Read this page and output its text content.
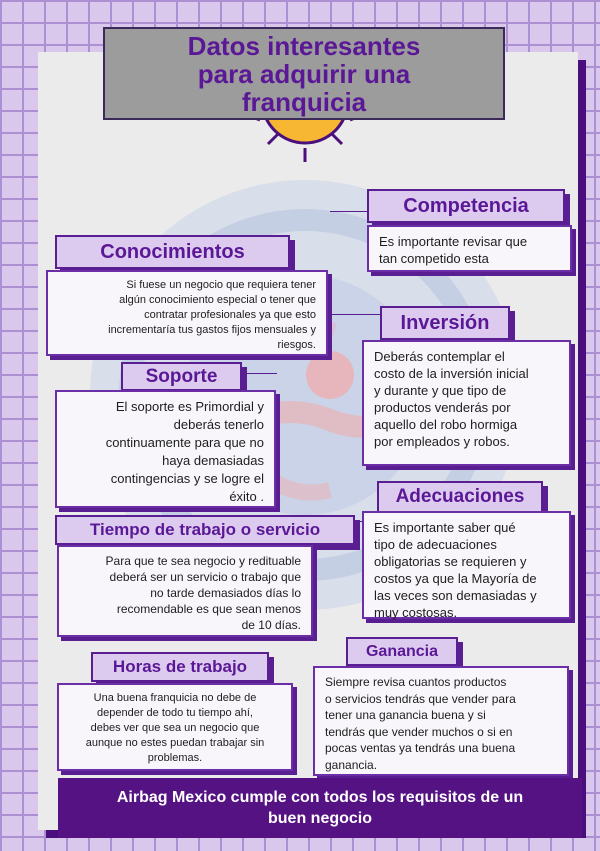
Datos interesantes
para adquirir una
franquicia
Competencia
Es importante revisar que
tan competido esta
Conocimientos
Si fuese un negocio que requiera tener
algún conocimiento especial o tener que
contratar profesionales ya que esto
incrementaría tus gastos fijos mensuales y
riesgos.
Inversión
Deberás contemplar el
costo de la inversión inicial
y durante y que tipo de
productos venderás por
aquello del robo hormiga
por empleados y robos.
Soporte
El soporte es Primordial y
deberás tenerlo
continuamente para que no
haya demasiadas
contingencias y se logre el
éxito .	Adecuaciones
Es importante saber qué
tipo de adecuaciones
obligatorias se requieren y
costos ya que la Mayoría de
las veces son demasiadas y
muy costosas.
Tiempo de trabajo o servicio
Para que te sea negocio y redituable
deberá ser un servicio o trabajo que
no tarde demasiados días lo
recomendable es que sean menos
de 10 días.
Ganancia
Siempre revisa cuantos productos
o servicios tendrás que vender para
tener una ganancia buena y si
tendrás que vender muchos o si en
pocas ventas ya tendrás una buena
ganancia.
Horas de trabajo
Una buena franquicia no debe de
depender de todo tu tiempo ahí,
debes ver que sea un negocio que
aunque no estes puedan trabajar sin
problemas.
Airbag Mexico cumple con todos los requisitos de un
buen negocio
